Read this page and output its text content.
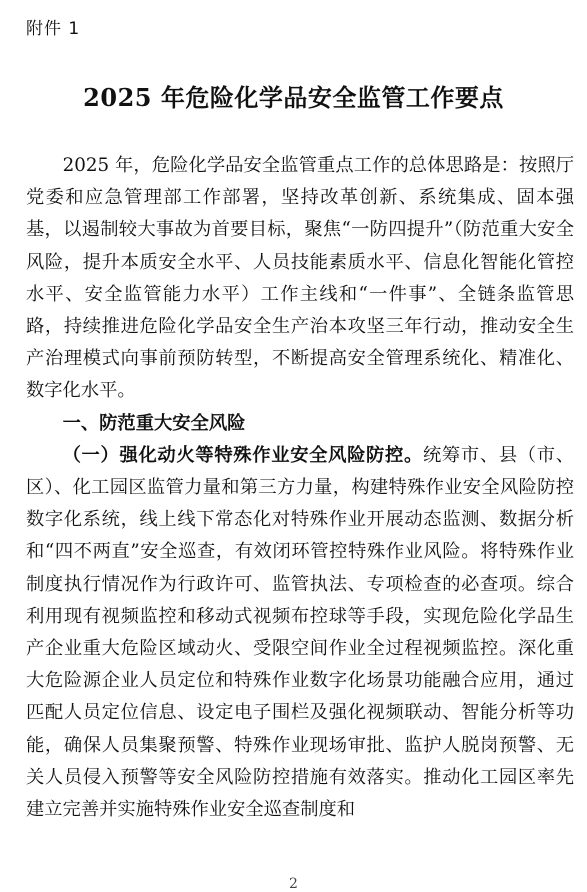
附件 1
2025 年危险化学品安全监管工作要点

2025 年，危险化学品安全监管重点工作的总体思路是：按照厅党委和应急管理部工作部署，坚持改革创新、系统集成、固本强基，以遏制较大事故为首要目标，聚焦“一防四提升”（防范重大安全风险，提升本质安全水平、人员技能素质水平、信息化智能化管控水平、安全监管能力水平）工作主线和“一件事”、全链条监管思路，持续推进危险化学品安全生产治本攻坚三年行动，推动安全生产治理模式向事前预防转型，不断提高安全管理系统化、精准化、数字化水平。

一、防范重大安全风险

（一）强化动火等特殊作业安全风险防控。统筹市、县（市、区）、化工园区监管力量和第三方力量，构建特殊作业安全风险防控数字化系统，线上线下常态化对特殊作业开展动态监测、数据分析和“四不两直”安全巡查，有效闭环管控特殊作业风险。将特殊作业制度执行情况作为行政许可、监管执法、专项检查的必查项。综合利用现有视频监控和移动式视频布控球等手段，实现危险化学品生产企业重大危险区域动火、受限空间作业全过程视频监控。深化重大危险源企业人员定位和特殊作业数字化场景功能融合应用，通过匹配人员定位信息、设定电子围栏及强化视频联动、智能分析等功能，确保人员集聚预警、特殊作业现场审批、监护人脱岗预警、无关人员侵入预警等安全风险防控措施有效落实。推动化工园区率先建立完善并实施特殊作业安全巡查制度和

2
